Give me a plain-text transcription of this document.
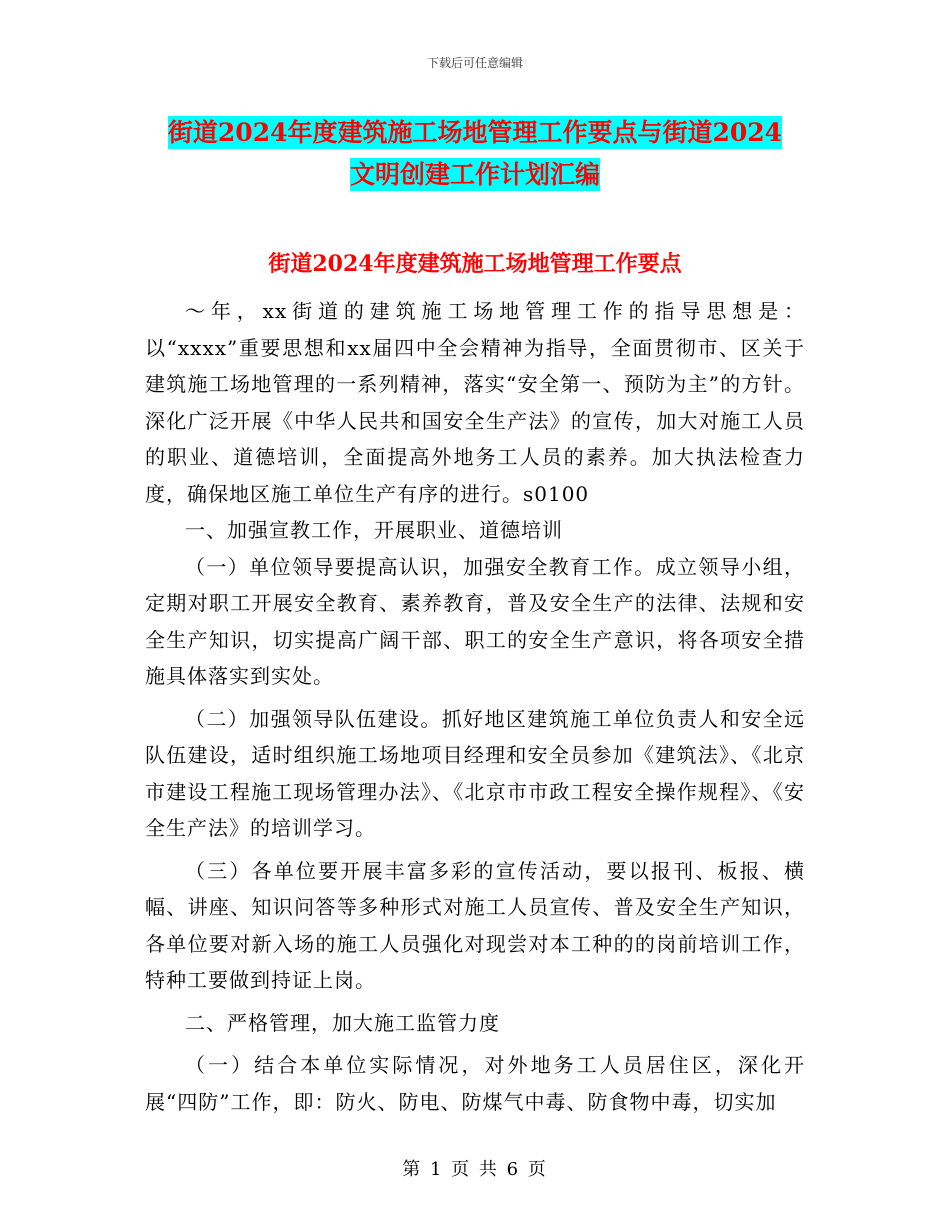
下载后可任意编辑
街道2024年度建筑施工场地管理工作要点与街道2024
文明创建工作计划汇编
街道2024年度建筑施工场地管理工作要点

～年，xx街道的建筑施工场地管理工作的指导思想是：以“xxxx”重要思想和xx届四中全会精神为指导，全面贯彻市、区关于建筑施工场地管理的一系列精神，落实“安全第一、预防为主”的方针。深化广泛开展《中华人民共和国安全生产法》的宣传，加大对施工人员的职业、道德培训，全面提高外地务工人员的素养。加大执法检查力度，确保地区施工单位生产有序的进行。s0100

一、加强宣教工作，开展职业、道德培训

（一）单位领导要提高认识，加强安全教育工作。成立领导小组，定期对职工开展安全教育、素养教育，普及安全生产的法律、法规和安全生产知识，切实提高广阔干部、职工的安全生产意识，将各项安全措施具体落实到实处。

（二）加强领导队伍建设。抓好地区建筑施工单位负责人和安全远队伍建设，适时组织施工场地项目经理和安全员参加《建筑法》、《北京市建设工程施工现场管理办法》、《北京市市政工程安全操作规程》、《安全生产法》的培训学习。

（三）各单位要开展丰富多彩的宣传活动，要以报刊、板报、横幅、讲座、知识问答等多种形式对施工人员宣传、普及安全生产知识，各单位要对新入场的施工人员强化对现尝对本工种的的岗前培训工作，特种工要做到持证上岗。

二、严格管理，加大施工监管力度

（一）结合本单位实际情况，对外地务工人员居住区，深化开展“四防”工作，即：防火、防电、防煤气中毒、防食物中毒，切实加

第 1 页 共 6 页
